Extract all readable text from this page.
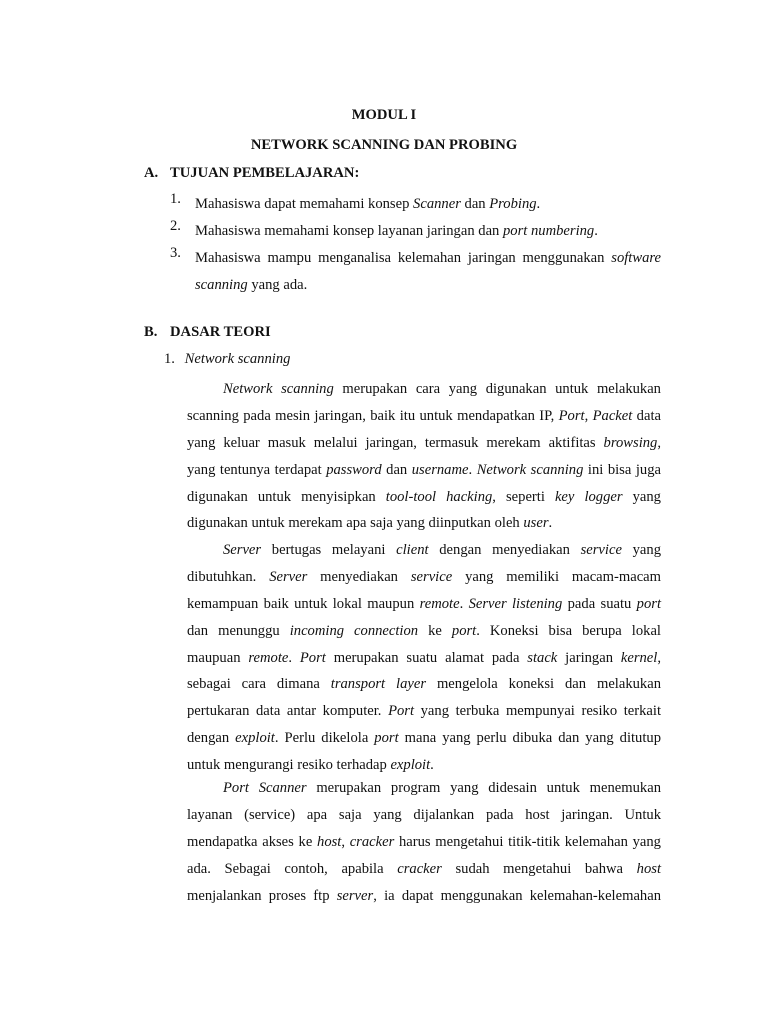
MODUL I
NETWORK SCANNING DAN PROBING
A. TUJUAN PEMBELAJARAN:
1. Mahasiswa dapat memahami konsep Scanner dan Probing.
2. Mahasiswa memahami konsep layanan jaringan dan port numbering.
3. Mahasiswa mampu menganalisa kelemahan jaringan menggunakan software
scanning yang ada.
B. DASAR TEORI
1. Network scanning
Network scanning merupakan cara yang digunakan untuk melakukan
scanning pada mesin jaringan, baik itu untuk mendapatkan IP, Port, Packet data
yang keluar masuk melalui jaringan, termasuk merekam aktifitas browsing,
yang tentunya terdapat password dan username. Network scanning ini bisa juga
digunakan untuk menyisipkan tool-tool hacking, seperti key logger yang
digunakan untuk merekam apa saja yang diinputkan oleh user.
Server bertugas melayani client dengan menyediakan service yang
dibutuhkan. Server menyediakan service yang memiliki macam-macam
kemampuan baik untuk lokal maupun remote. Server listening pada suatu port
dan menunggu incoming connection ke port. Koneksi bisa berupa lokal
maupuan remote. Port merupakan suatu alamat pada stack jaringan kernel,
sebagai cara dimana transport layer mengelola koneksi dan melakukan
pertukaran data antar komputer. Port yang terbuka mempunyai resiko terkait
dengan exploit. Perlu dikelola port mana yang perlu dibuka dan yang ditutup
untuk mengurangi resiko terhadap exploit.
Port Scanner merupakan program yang didesain untuk menemukan
layanan (service) apa saja yang dijalankan pada host jaringan. Untuk
mendapatka akses ke host, cracker harus mengetahui titik-titik kelemahan yang
ada. Sebagai contoh, apabila cracker sudah mengetahui bahwa host
menjalankan proses ftp server, ia dapat menggunakan kelemahan-kelemahan
